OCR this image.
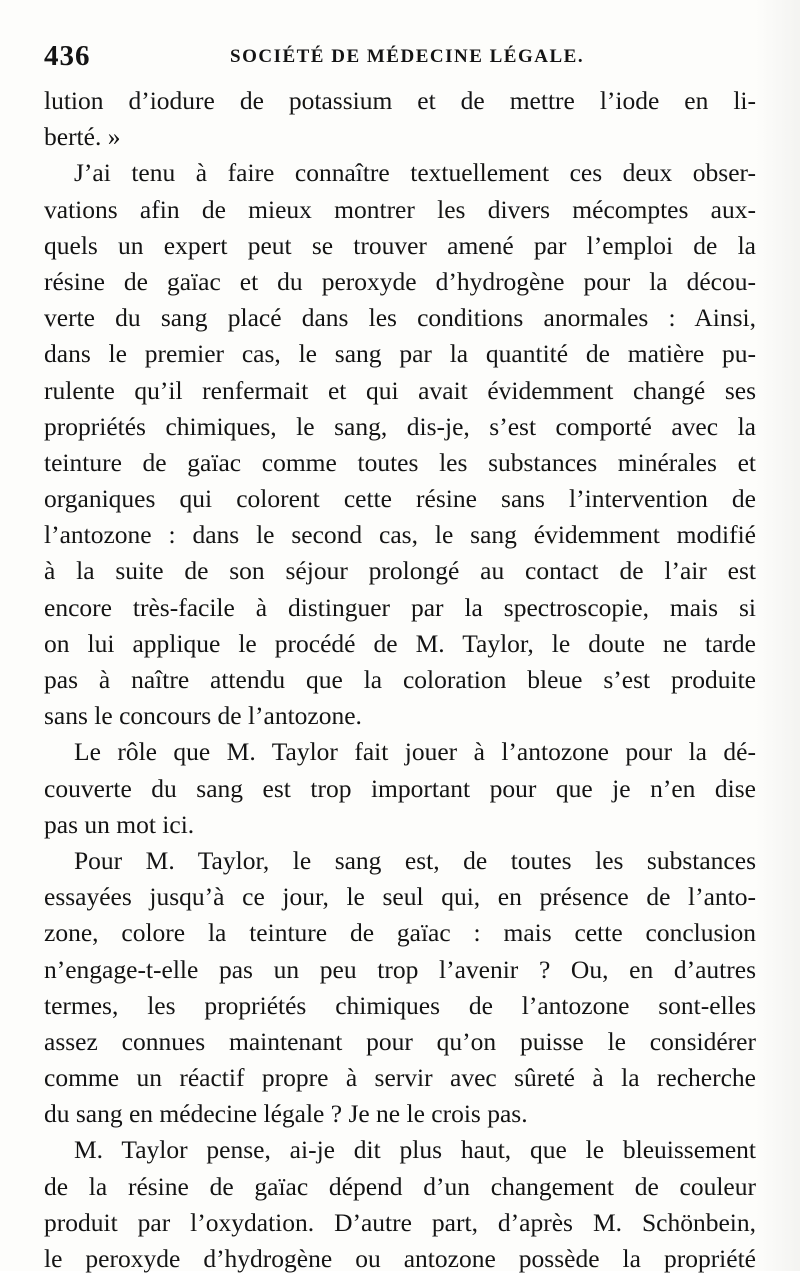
436	SOCIÉTÉ DE MÉDECINE LÉGALE.
lution d’iodure de potassium et de mettre l’iode en li-
berté. »
J’ai tenu à faire connaître textuellement ces deux obser-
vations afin de mieux montrer les divers mécomptes aux-
quels un expert peut se trouver amené par l’emploi de la
résine de gaïac et du peroxyde d’hydrogène pour la décou-
verte du sang placé dans les conditions anormales : Ainsi,
dans le premier cas, le sang par la quantité de matière pu-
rulente qu’il renfermait et qui avait évidemment changé ses
propriétés chimiques, le sang, dis-je, s’est comporté avec la
teinture de gaïac comme toutes les substances minérales et
organiques qui colorent cette résine sans l’intervention de
l’antozone : dans le second cas, le sang évidemment modifié
à la suite de son séjour prolongé au contact de l’air est
encore très-facile à distinguer par la spectroscopie, mais si
on lui applique le procédé de M. Taylor, le doute ne tarde
pas à naître attendu que la coloration bleue s’est produite
sans le concours de l’antozone.
Le rôle que M. Taylor fait jouer à l’antozone pour la dé-
couverte du sang est trop important pour que je n’en dise
pas un mot ici.
Pour M. Taylor, le sang est, de toutes les substances
essayées jusqu’à ce jour, le seul qui, en présence de l’anto-
zone, colore la teinture de gaïac : mais cette conclusion
n’engage-t-elle pas un peu trop l’avenir ? Ou, en d’autres
termes, les propriétés chimiques de l’antozone sont-elles
assez connues maintenant pour qu’on puisse le considérer
comme un réactif propre à servir avec sûreté à la recherche
du sang en médecine légale ? Je ne le crois pas.
M. Taylor pense, ai-je dit plus haut, que le bleuissement
de la résine de gaïac dépend d’un changement de couleur
produit par l’oxydation. D’autre part, d’après M. Schönbein,
le peroxyde d’hydrogène ou antozone possède la propriété
